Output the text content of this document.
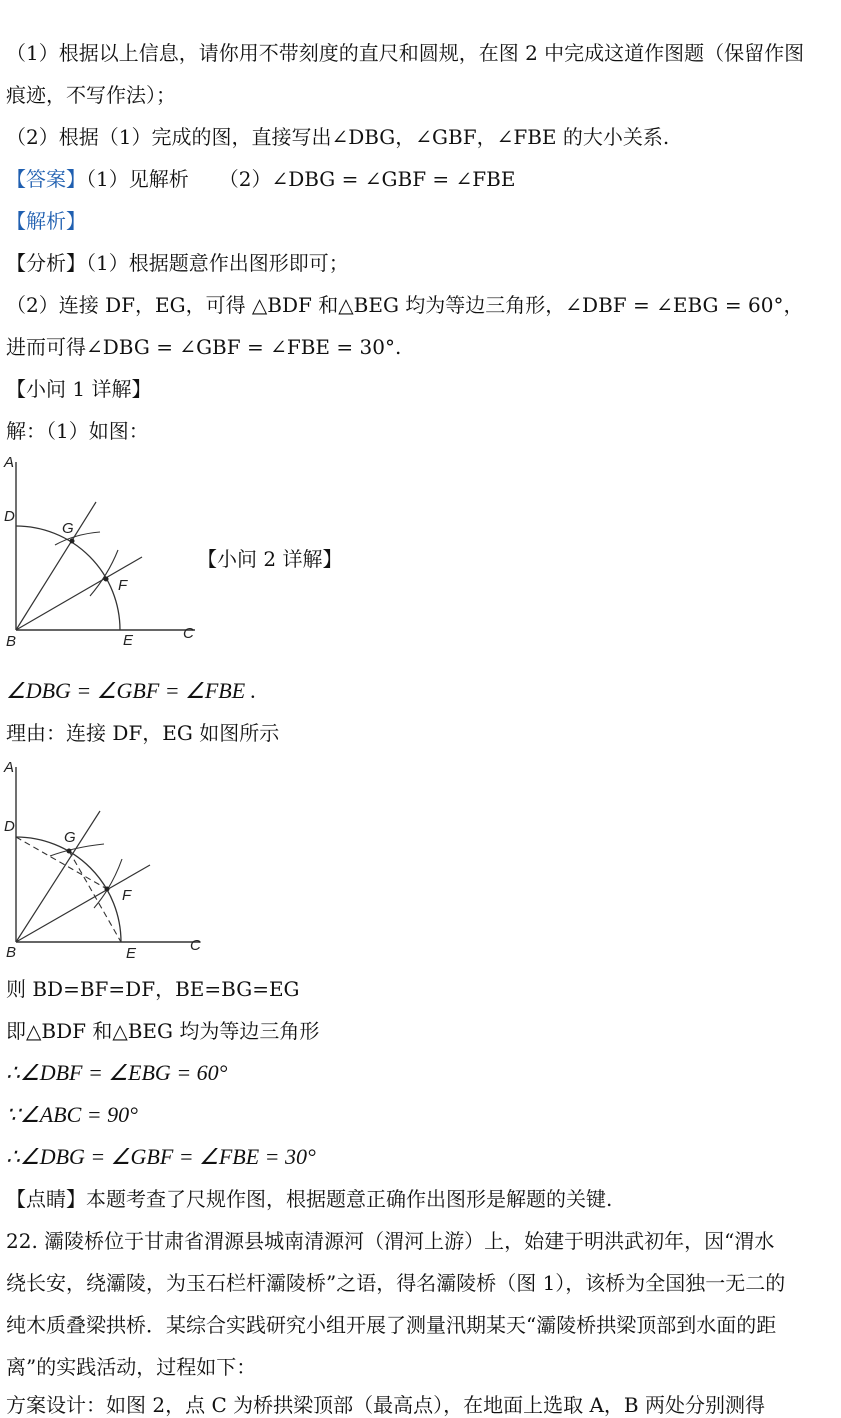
（1）根据以上信息，请你用不带刻度的直尺和圆规，在图 2 中完成这道作图题（保留作图
痕迹，不写作法）；
（2）根据（1）完成的图，直接写出∠DBG，∠GBF，∠FBE 的大小关系.
【答案】（1）见解析　　（2）∠DBG = ∠GBF = ∠FBE
【解析】
【分析】（1）根据题意作出图形即可；
（2）连接 DF，EG，可得 △BDF 和△BEG 均为等边三角形，∠DBF = ∠EBG = 60°，
进而可得∠DBG = ∠GBF = ∠FBE = 30°.
【小问 1 详解】
解：（1）如图：
A
D
G
F
B	E	C
【小问 2 详解】
∠DBG = ∠GBF = ∠FBE .
理由：连接 DF，EG 如图所示
A
D
G
F
B	E	C
则 BD=BF=DF，BE=BG=EG
即△BDF 和△BEG 均为等边三角形
∴∠DBF = ∠EBG = 60°
∵∠ABC = 90°
∴∠DBG = ∠GBF = ∠FBE = 30°
【点睛】本题考查了尺规作图，根据题意正确作出图形是解题的关键.
22. 灞陵桥位于甘肃省渭源县城南清源河（渭河上游）上，始建于明洪武初年，因“渭水
绕长安，绕灞陵，为玉石栏杆灞陵桥”之语，得名灞陵桥（图 1），该桥为全国独一无二的
纯木质叠梁拱桥．某综合实践研究小组开展了测量汛期某天“灞陵桥拱梁顶部到水面的距
离”的实践活动，过程如下：
方案设计：如图 2，点 C 为桥拱梁顶部（最高点），在地面上选取 A，B 两处分别测得
